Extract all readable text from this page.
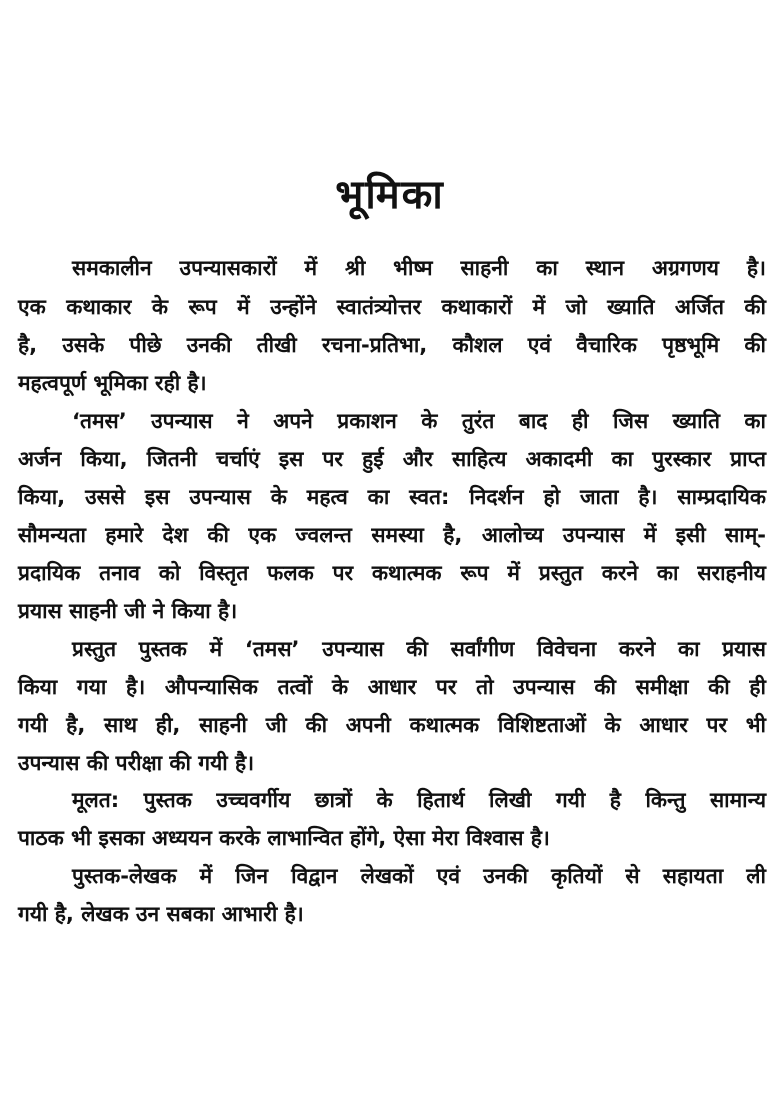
भूमिका
समकालीन उपन्यासकारों में श्री भीष्म साहनी का स्थान अग्रगणय है।
एक कथाकार के रूप में उन्होंने स्वातंत्र्योत्तर कथाकारों में जो ख्याति अर्जित की
है, उसके पीछे उनकी तीखी रचना-प्रतिभा, कौशल एवं वैचारिक पृष्ठभूमि की
महत्वपूर्ण भूमिका रही है।
‘तमस’ उपन्यास ने अपने प्रकाशन के तुरंत बाद ही जिस ख्याति का
अर्जन किया, जितनी चर्चाएं इस पर हुई और साहित्य अकादमी का पुरस्कार प्राप्त
किया, उससे इस उपन्यास के महत्व का स्वत: निदर्शन हो जाता है। साम्प्रदायिक
सौमन्यता हमारे देश की एक ज्वलन्त समस्या है, आलोच्य उपन्यास में इसी साम्-
प्रदायिक तनाव को विस्तृत फलक पर कथात्मक रूप में प्रस्तुत करने का सराहनीय
प्रयास साहनी जी ने किया है।
प्रस्तुत पुस्तक में ‘तमस’ उपन्यास की सर्वांगीण विवेचना करने का प्रयास
किया गया है। औपन्यासिक तत्वों के आधार पर तो उपन्यास की समीक्षा की ही
गयी है, साथ ही, साहनी जी की अपनी कथात्मक विशिष्टताओं के आधार पर भी
उपन्यास की परीक्षा की गयी है।
मूलत: पुस्तक उच्चवर्गीय छात्रों के हितार्थ लिखी गयी है किन्तु सामान्य
पाठक भी इसका अध्ययन करके लाभान्वित होंगे, ऐसा मेरा विश्वास है।
पुस्तक-लेखक में जिन विद्वान लेखकों एवं उनकी कृतियों से सहायता ली
गयी है, लेखक उन सबका आभारी है।
